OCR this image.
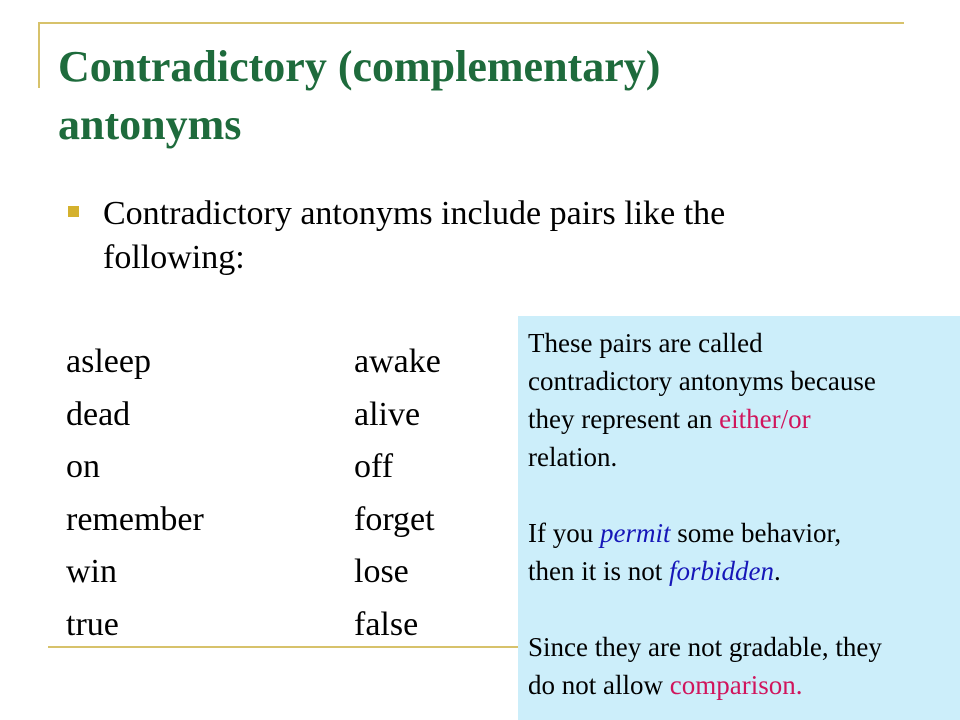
Contradictory (complementary)
antonyms
Contradictory antonyms include pairs like the
following:
asleep	awake
dead	alive
on	off
remember	forget
win	lose
true	false

These pairs are called

contradictory antonyms because

they represent an either/or

relation.

If you permit some behavior,

then it is not forbidden.

Since they are not gradable, they

do not allow comparison.
